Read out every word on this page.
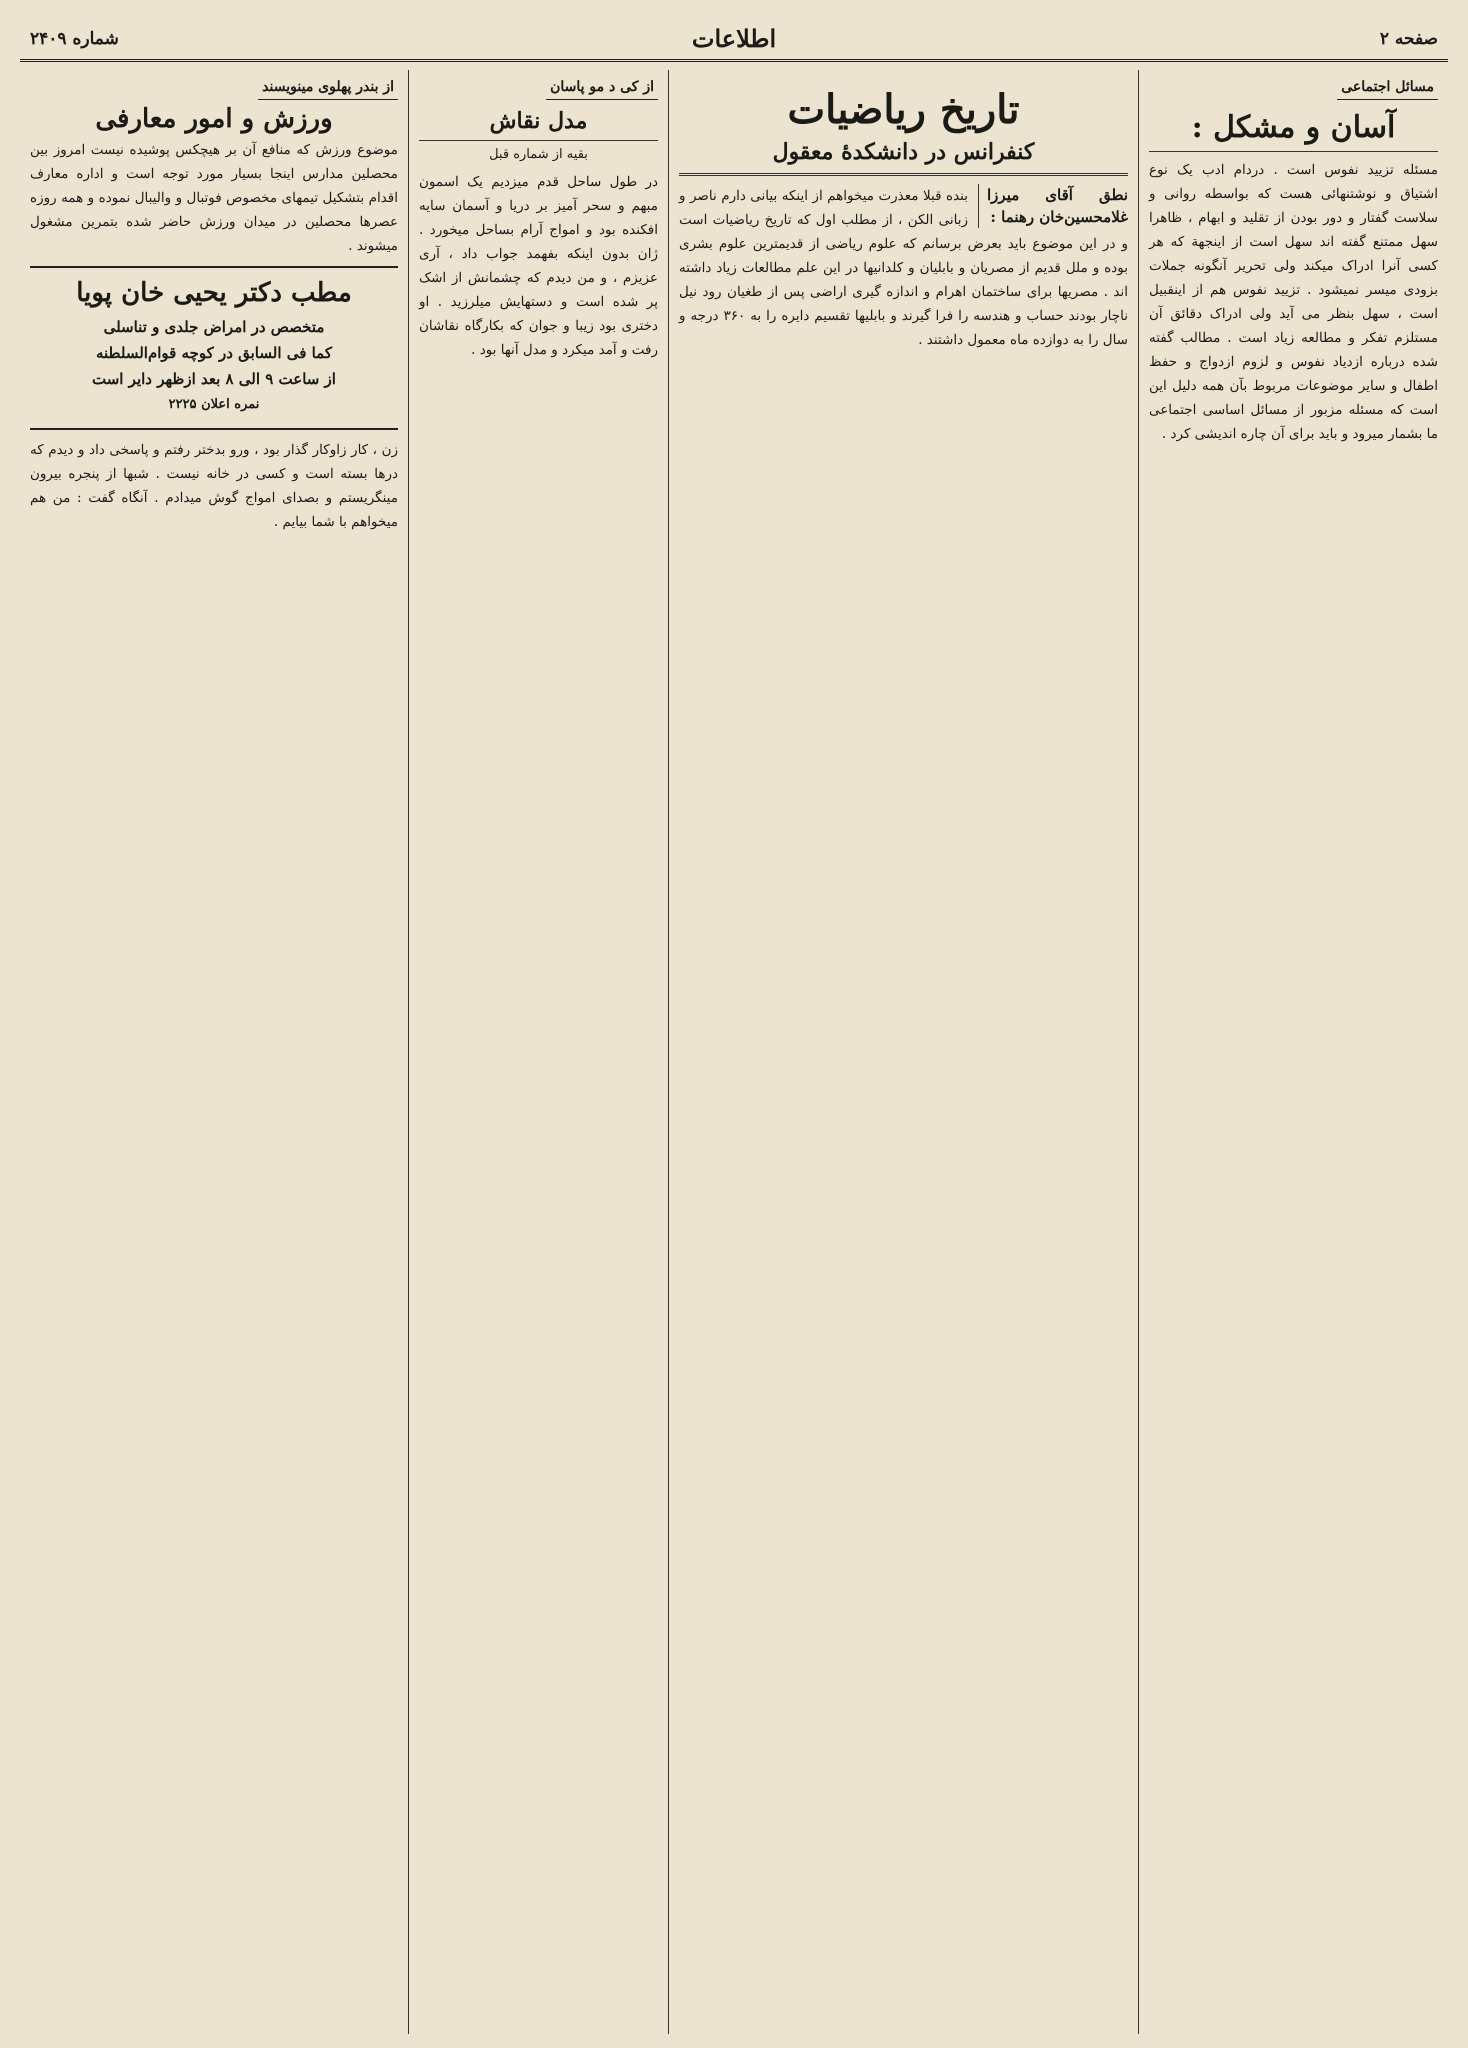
صفحه ۲
اطلاعات
شماره ۲۴۰۹
مسائل اجتماعی
آسان و مشکل :
مسئله تزیید نفوس است . دردام ادب یک نوع اشتیاق و نوشتنهائی هست که بواسطه روانی و سلاست گفتار و دور بودن از تقلید و ابهام ، ظاهرا سهل ممتنع گفته اند سهل است از اینجهة که هر کسی آنرا ادراک میکند ولی تحریر آنگونه جملات بزودی میسر نمیشود . تزیید نفوس هم از اینقبیل است ، سهل بنظر می آید ولی ادراک دقائق آن مستلزم تفکر و مطالعه زیاد است . مطالب گفته شده درباره ازدیاد نفوس و لزوم ازدواج و حفظ اطفال و سایر موضوعات مربوط بآن همه دلیل این است که مسئله مزبور از مسائل اساسی اجتماعی ما بشمار میرود و باید برای آن چاره اندیشی کرد .
تاریخ ریاضیات
کنفرانس در دانشکدهٔ معقول
نطق آقای میرزا غلامحسین‌خان رهنما :
بنده قبلا معذرت میخواهم از اینکه بیانی دارم ناصر و زبانی الکن ، از مطلب اول که تاریخ ریاضیات است و در این موضوع باید بعرض برسانم که علوم ریاضی از قدیمترین علوم بشری بوده و ملل قدیم از مصریان و بابلیان و کلدانیها در این علم مطالعات زیاد داشته اند . مصریها برای ساختمان اهرام و اندازه گیری اراضی پس از طغیان رود نیل ناچار بودند حساب و هندسه را فرا گیرند و بابلیها تقسیم دایره را به ۳۶۰ درجه و سال را به دوازده ماه معمول داشتند .
از کی د مو پاسان
مدل نقاش
بقیه از شماره قبل
در طول ساحل قدم میزدیم یک اسمون مبهم و سحر آمیز بر دریا و آسمان سایه افکنده بود و امواج آرام بساحل میخورد . ژان بدون اینکه بفهمد جواب داد ، آری عزیزم ، و من دیدم که چشمانش از اشک پر شده است و دستهایش میلرزید . او دختری بود زیبا و جوان که بکارگاه نقاشان رفت و آمد میکرد و مدل آنها بود .
از بندر پهلوی مینویسند
ورزش و امور معارفی
موضوع ورزش که منافع آن بر هیچکس پوشیده نیست امروز بین محصلین مدارس اینجا بسیار مورد توجه است و اداره معارف اقدام بتشکیل تیمهای مخصوص فوتبال و والیبال نموده و همه روزه عصرها محصلین در میدان ورزش حاضر شده بتمرین مشغول میشوند .
مطب دکتر یحیی خان پویا
متخصص در امراض جلدی و تناسلی
کما فی السابق در کوچه قوام‌السلطنه
از ساعت ۹ الی ۸ بعد ازظهر دایر است
نمره اعلان ۲۲۲۵
زن ، کار زاوکار گذار بود ، ورو بدختر رفتم و پاسخی داد و دیدم که درها بسته است و کسی در خانه نیست . شبها از پنجره بیرون مینگریستم و بصدای امواج گوش میدادم . آنگاه گفت : من هم میخواهم با شما بیایم .
